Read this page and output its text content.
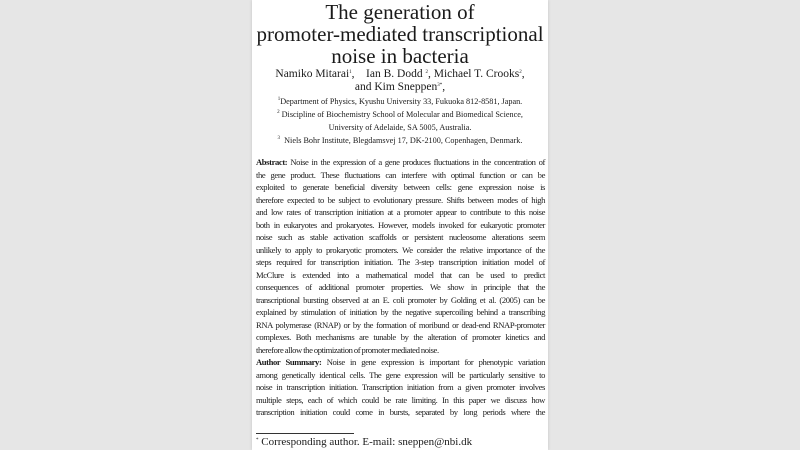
The generation of
promoter-mediated transcriptional
noise in bacteria
Namiko Mitarai$^1$,    Ian B. Dodd $^2$, Michael T. Crooks$^2$,
and Kim Sneppen$^{3*}$,
$^1$Department of Physics, Kyushu University 33, Fukuoka 812-8581, Japan.
$^2$ Discipline of Biochemistry School of Molecular and Biomedical Science,
University of Adelaide, SA 5005, Australia.
$^3$ Niels Bohr Institute, Blegdamsvej 17, DK-2100, Copenhagen, Denmark.
Abstract: Noise in the expression of a gene produces fluctuations in the concentration of
the gene product. These fluctuations can interfere with optimal function or can be
exploited to generate beneficial diversity between cells: gene expression noise is
therefore expected to be subject to evolutionary pressure. Shifts between modes of high
and low rates of transcription initiation at a promoter appear to contribute to this noise
both in eukaryotes and prokaryotes. However, models invoked for eukaryotic promoter
noise such as stable activation scaffolds or persistent nucleosome alterations seem
unlikely to apply to prokaryotic promoters. We consider the relative importance of the
steps required for transcription initiation. The 3-step transcription initiation model of
McClure is extended into a mathematical model that can be used to predict
consequences of additional promoter properties. We show in principle that the
transcriptional bursting observed at an E. coli promoter by Golding et al. (2005) can be
explained by stimulation of initiation by the negative supercoiling behind a transcribing
RNA polymerase (RNAP) or by the formation of moribund or dead-end RNAP-promoter
complexes. Both mechanisms are tunable by the alteration of promoter kinetics and
therefore allow the optimization of promoter mediated noise.
Author Summary: Noise in gene expression is important for phenotypic variation
among genetically identical cells. The gene expression will be particularly sensitive to
noise in transcription initiation. Transcription initiation from a given promoter involves
multiple steps, each of which could be rate limiting. In this paper we discuss how
transcription initiation could come in bursts, separated by long periods where the
* Corresponding author. E-mail: sneppen@nbi.dk
